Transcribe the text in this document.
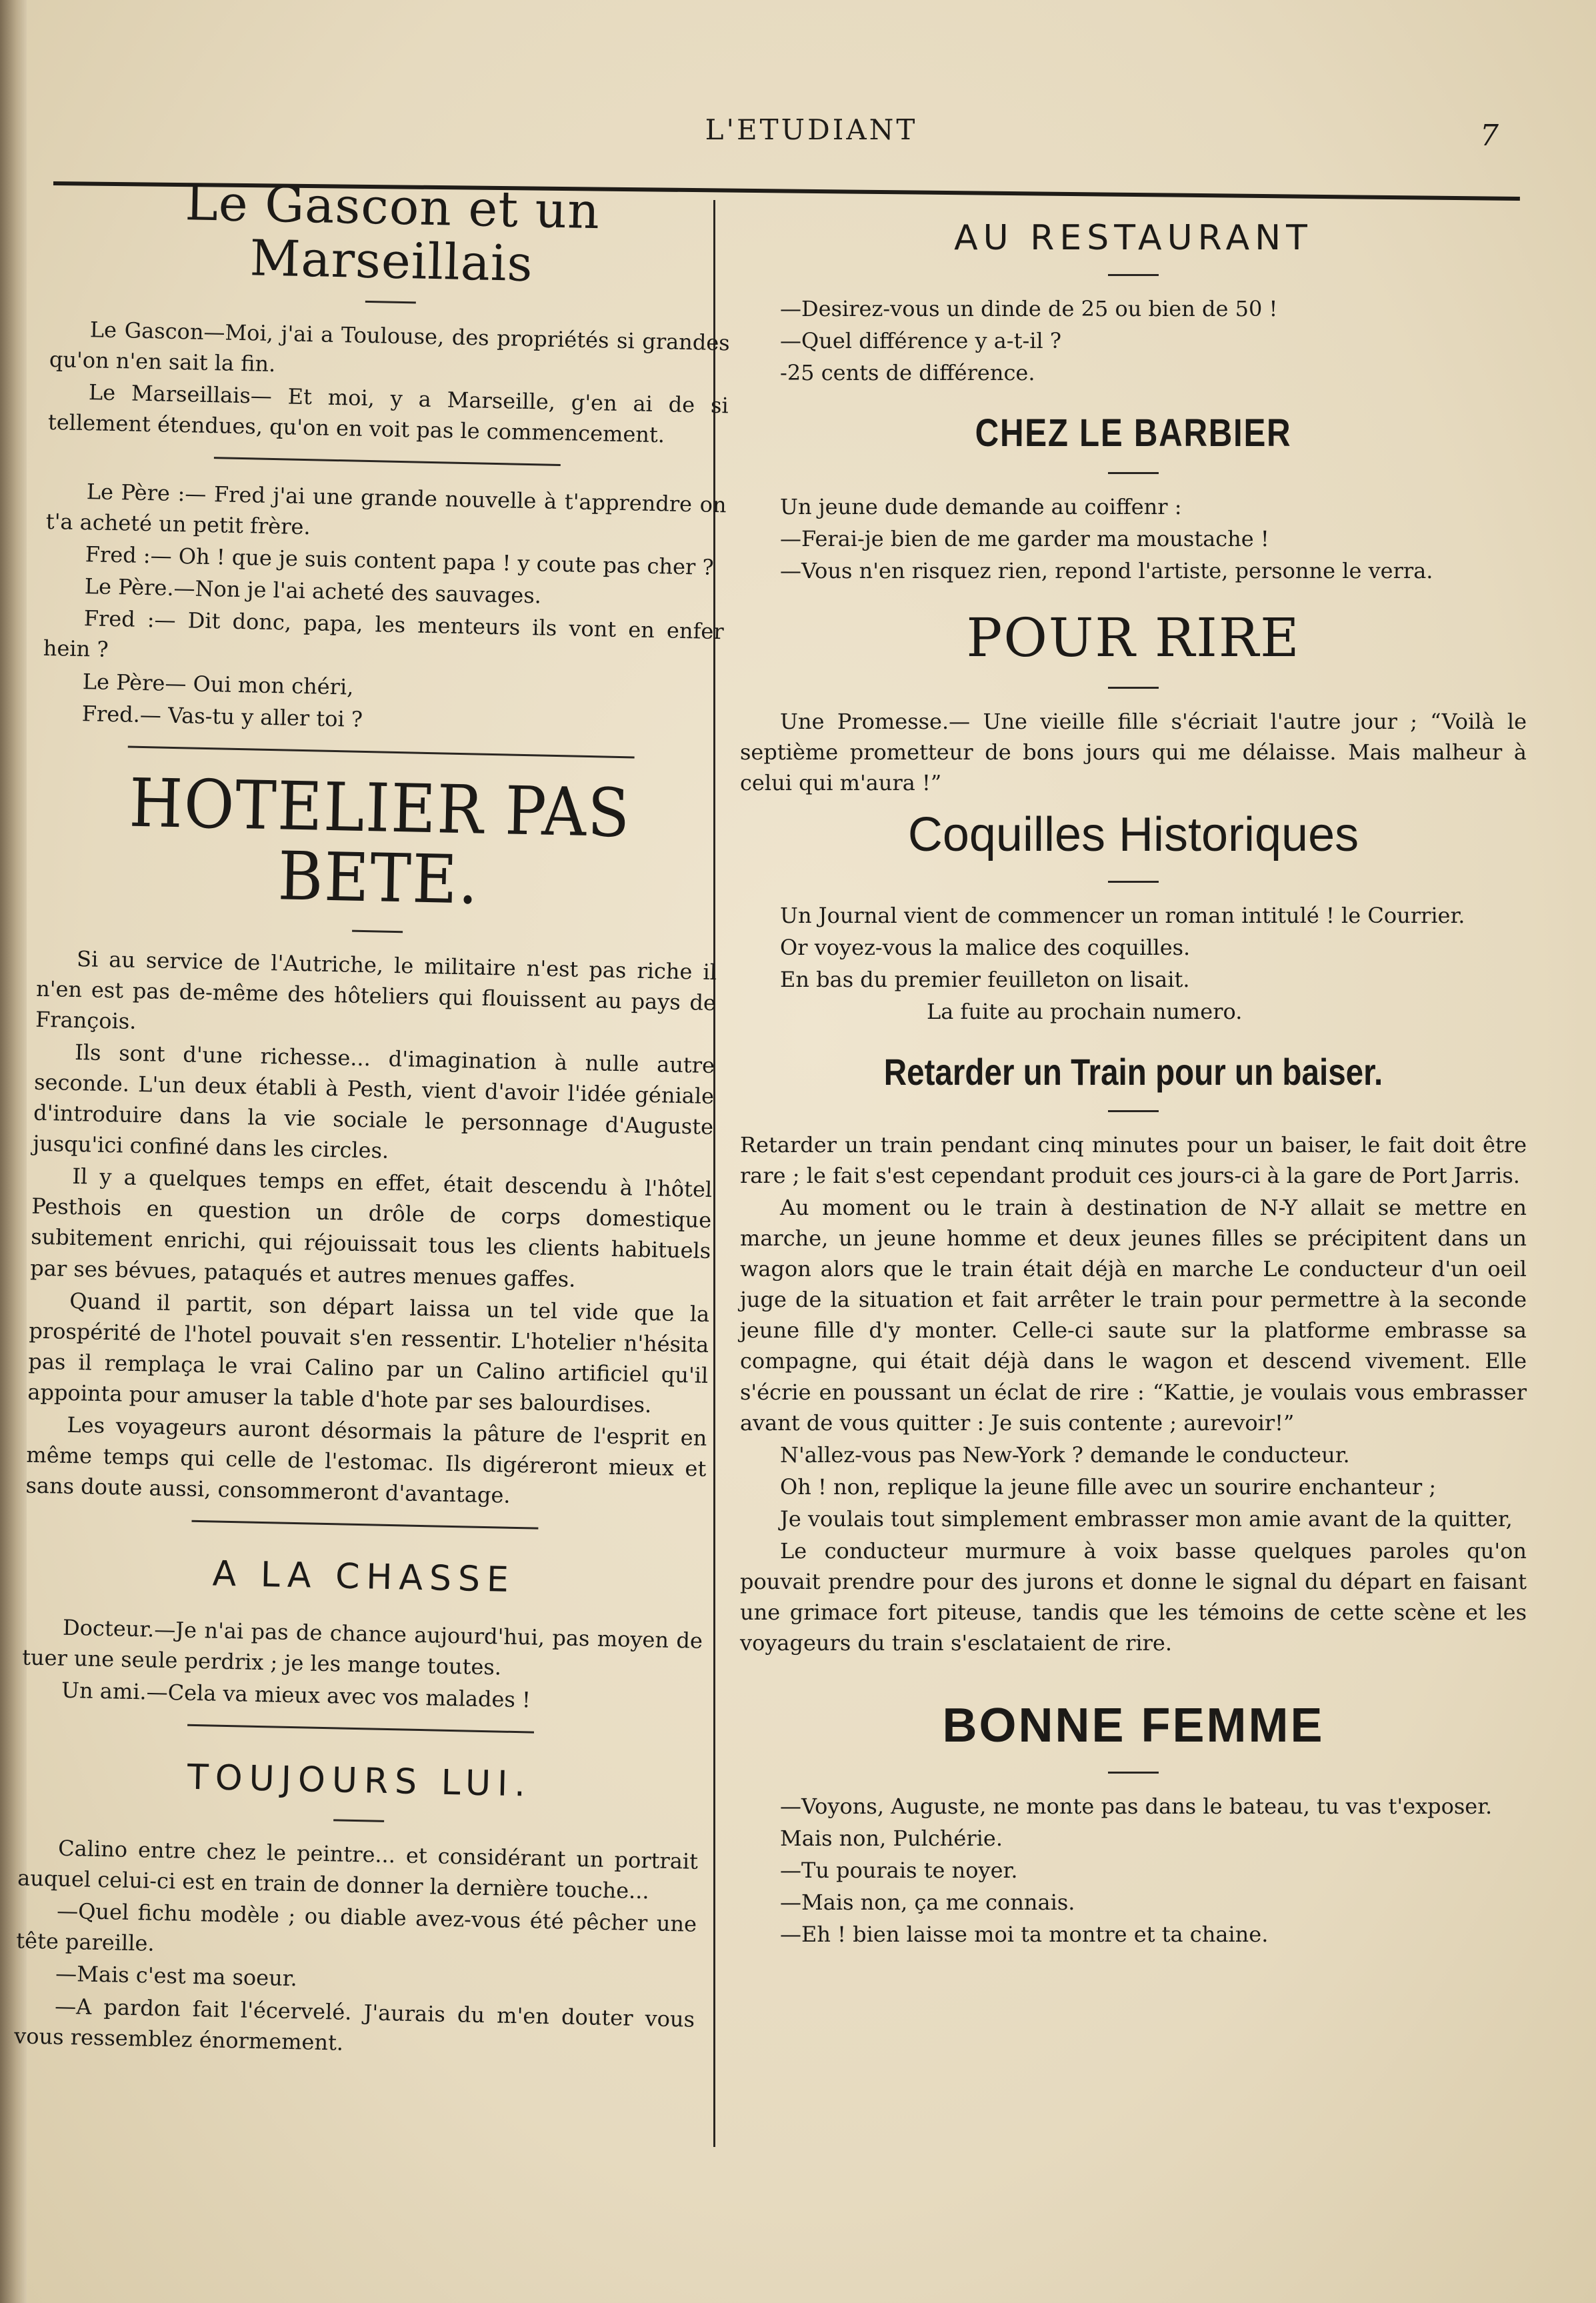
L'ETUDIANT	7
Le Gascon et un Marseillais

Le Gascon—Moi, j'ai a Toulouse, des propriétés si grandes qu'on n'en sait la fin.

Le Marseillais— Et moi, y a Marseille, g'en ai de si tellement étendues, qu'on en voit pas le commencement.

Le Père :— Fred j'ai une grande nouvelle à t'apprendre on t'a acheté un petit frère.

Fred :— Oh ! que je suis content papa ! y coute pas cher ?

Le Père.—Non je l'ai acheté des sauvages.

Fred :— Dit donc, papa, les menteurs ils vont en enfer hein ?

Le Père— Oui mon chéri,

Fred.— Vas-tu y aller toi ?

HOTELIER PAS BETE.

Si au service de l'Autriche, le militaire n'est pas riche il n'en est pas de-même des hôteliers qui flouissent au pays de François.

Ils sont d'une richesse... d'imagination à nulle autre seconde. L'un deux établi à Pesth, vient d'avoir l'idée géniale d'introduire dans la vie sociale le personnage d'Auguste jusqu'ici confiné dans les circles.

Il y a quelques temps en effet, était descendu à l'hôtel Pesthois en question un drôle de corps domestique subitement enrichi, qui réjouissait tous les clients habituels par ses bévues, pataqués et autres menues gaffes.

Quand il partit, son départ laissa un tel vide que la prospérité de l'hotel pouvait s'en ressentir. L'hotelier n'hésita pas il remplaça le vrai Calino par un Calino artificiel qu'il appointa pour amuser la table d'hote par ses balourdises.

Les voyageurs auront désormais la pâture de l'esprit en même temps qui celle de l'estomac. Ils digéreront mieux et sans doute aussi, consommeront d'avantage.

A LA CHASSE

Docteur.—Je n'ai pas de chance aujourd'hui, pas moyen de tuer une seule perdrix ; je les mange toutes.

Un ami.—Cela va mieux avec vos malades !

TOUJOURS LUI.

Calino entre chez le peintre... et considérant un portrait auquel celui-ci est en train de donner la dernière touche...

—Quel fichu modèle ; ou diable avez-vous été pêcher une tête pareille.

—Mais c'est ma soeur.

—A pardon fait l'écervelé. J'aurais du m'en douter vous vous ressemblez énormement.

AU RESTAURANT

—Desirez-vous un dinde de 25 ou bien de 50 !

—Quel différence y a-t-il ?

-25 cents de différence.

CHEZ LE BARBIER

Un jeune dude demande au coiffenr :

—Ferai-je bien de me garder ma moustache !

—Vous n'en risquez rien, repond l'artiste, personne le verra.

POUR RIRE

Une Promesse.— Une vieille fille s'écriait l'autre jour ; “Voilà le septième prometteur de bons jours qui me délaisse. Mais malheur à celui qui m'aura !”

Coquilles Historiques

Un Journal vient de commencer un roman intitulé ! le Courrier.

Or voyez-vous la malice des coquilles.

En bas du premier feuilleton on lisait.

La fuite au prochain numero.

Retarder un Train pour un baiser.

Retarder un train pendant cinq minutes pour un baiser, le fait doit être rare ; le fait s'est cependant produit ces jours-ci à la gare de Port Jarris.

Au moment ou le train à destination de N-Y allait se mettre en marche, un jeune homme et deux jeunes filles se précipitent dans un wagon alors que le train était déjà en marche Le conducteur d'un oeil juge de la situation et fait arrêter le train pour permettre à la seconde jeune fille d'y monter. Celle-ci saute sur la platforme embrasse sa compagne, qui était déjà dans le wagon et descend vivement. Elle s'écrie en poussant un éclat de rire : “Kattie, je voulais vous embrasser avant de vous quitter : Je suis contente ; aurevoir!”

N'allez-vous pas New-York ? demande le conducteur.

Oh ! non, replique la jeune fille avec un sourire enchanteur ;

Je voulais tout simplement embrasser mon amie avant de la quitter,

Le conducteur murmure à voix basse quelques paroles qu'on pouvait prendre pour des jurons et donne le signal du départ en faisant une grimace fort piteuse, tandis que les témoins de cette scène et les voyageurs du train s'esclataient de rire.

BONNE FEMME

—Voyons, Auguste, ne monte pas dans le bateau, tu vas t'exposer.

Mais non, Pulchérie.

—Tu pourais te noyer.

—Mais non, ça me connais.

—Eh ! bien laisse moi ta montre et ta chaine.
